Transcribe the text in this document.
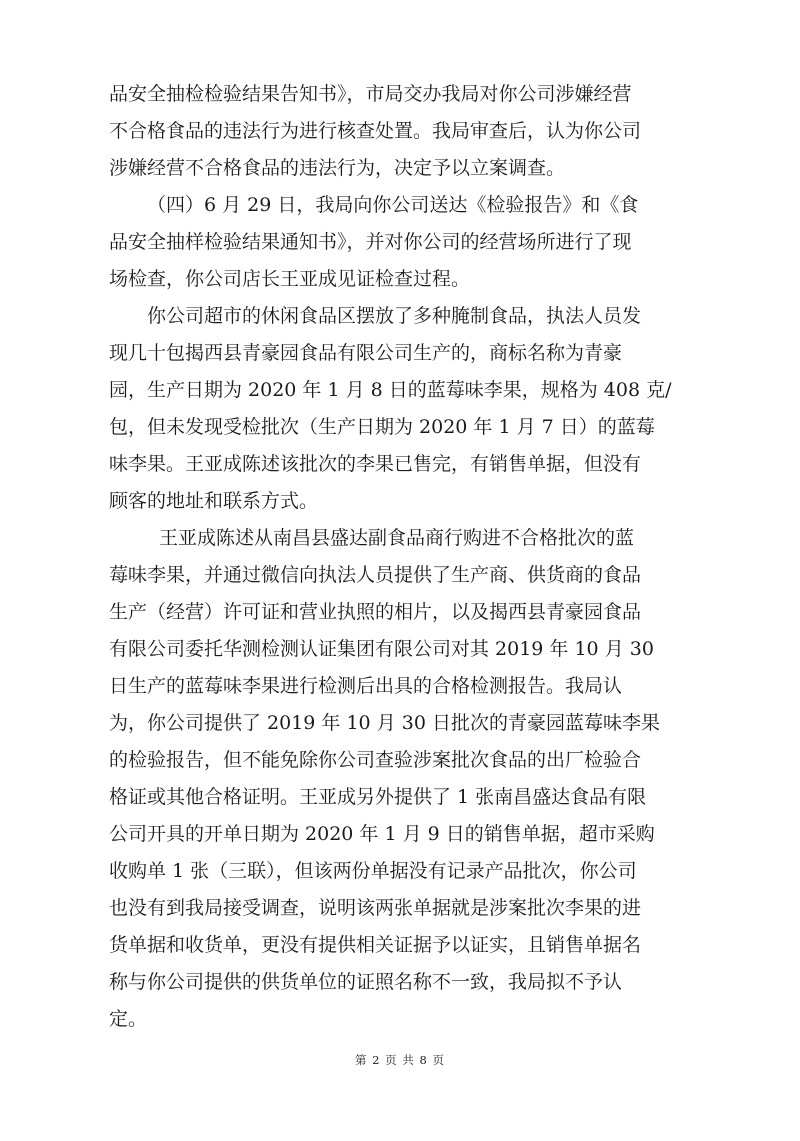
品安全抽检检验结果告知书》，市局交办我局对你公司涉嫌经营
不合格食品的违法行为进行核查处置。我局审查后，认为你公司
涉嫌经营不合格食品的违法行为，决定予以立案调查。
（四）6 月 29 日，我局向你公司送达《检验报告》和《食
品安全抽样检验结果通知书》，并对你公司的经营场所进行了现
场检查，你公司店长王亚成见证检查过程。
你公司超市的休闲食品区摆放了多种腌制食品，执法人员发
现几十包揭西县青豪园食品有限公司生产的，商标名称为青豪
园，生产日期为 2020 年 1 月 8 日的蓝莓味李果，规格为 408 克/
包，但未发现受检批次（生产日期为 2020 年 1 月 7 日）的蓝莓
味李果。王亚成陈述该批次的李果已售完，有销售单据，但没有
顾客的地址和联系方式。
王亚成陈述从南昌县盛达副食品商行购进不合格批次的蓝
莓味李果，并通过微信向执法人员提供了生产商、供货商的食品
生产（经营）许可证和营业执照的相片，以及揭西县青豪园食品
有限公司委托华测检测认证集团有限公司对其 2019 年 10 月 30
日生产的蓝莓味李果进行检测后出具的合格检测报告。我局认
为，你公司提供了 2019 年 10 月 30 日批次的青豪园蓝莓味李果
的检验报告，但不能免除你公司查验涉案批次食品的出厂检验合
格证或其他合格证明。王亚成另外提供了 1 张南昌盛达食品有限
公司开具的开单日期为 2020 年 1 月 9 日的销售单据，超市采购
收购单 1 张（三联），但该两份单据没有记录产品批次，你公司
也没有到我局接受调查，说明该两张单据就是涉案批次李果的进
货单据和收货单，更没有提供相关证据予以证实，且销售单据名
称与你公司提供的供货单位的证照名称不一致，我局拟不予认
定。
第 2 页 共 8 页
